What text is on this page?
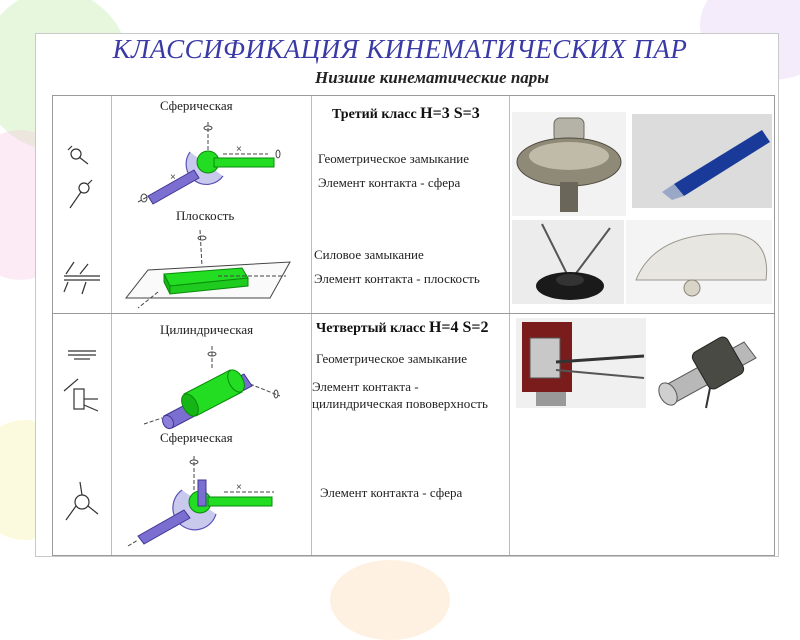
КЛАССИФИКАЦИЯ КИНЕМАТИЧЕСКИХ ПАР
Низшие кинематические пары
Сферическая
×
×
Плоскость
Третий класс H=3 S=3
Геометрическое замыкание
Элемент контакта - сфера
Силовое замыкание
Элемент контакта - плоскость
Цилиндрическая
Сферическая
×
Четвертый класс H=4 S=2
Геометрическое замыкание
Элемент контакта -
цилиндрическая пововерхность
Элемент контакта - сфера
